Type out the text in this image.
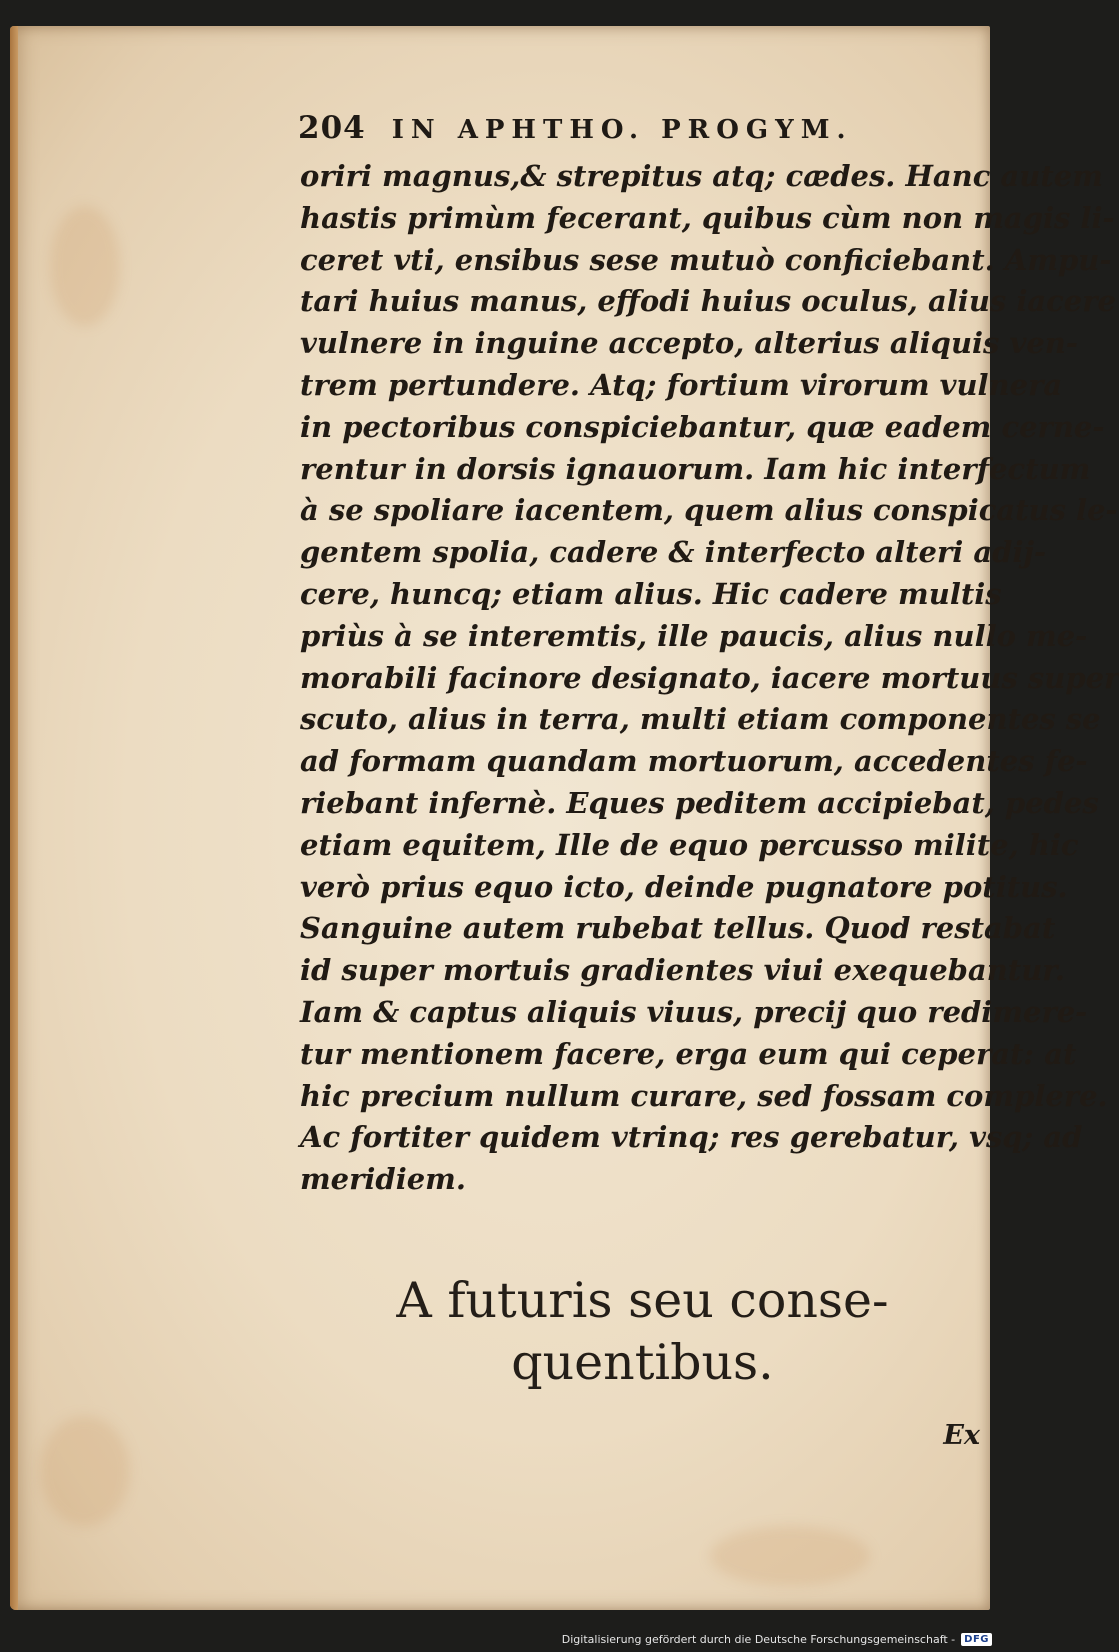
204 IN APHTHO. PROGYM.
oriri magnus,& strepitus atq; cædes. Hanc autem
hastis primùm fecerant, quibus cùm non magis li-
ceret vti, ensibus sese mutuò conficiebant. Ampu-
tari huius manus, effodi huius oculus, alius iacere
vulnere in inguine accepto, alterius aliquis ven-
trem pertundere. Atq; fortium virorum vulnera
in pectoribus conspiciebantur, quæ eadem cerne-
rentur in dorsis ignauorum. Iam hic interfectum
à se spoliare iacentem, quem alius conspicatus le-
gentem spolia, cadere & interfecto alteri adij-
cere, huncq; etiam alius. Hic cadere multis
priùs à se interemtis, ille paucis, alius nullo me-
morabili facinore designato, iacere mortuus super
scuto, alius in terra, multi etiam componentes se
ad formam quandam mortuorum, accedentes fe-
riebant infernè. Eques peditem accipiebat, pedes
etiam equitem, Ille de equo percusso milite, hic
verò prius equo icto, deinde pugnatore potitus.
Sanguine autem rubebat tellus. Quod restabat
id super mortuis gradientes viui exequebantur.
Iam & captus aliquis viuus, precij quo redimere-
tur mentionem facere, erga eum qui ceperat: at
hic precium nullum curare, sed fossam complere.
Ac fortiter quidem vtrinq; res gerebatur, vsq; ad
meridiem.
A futuris seu consе-
quentibus.
Ex
Digitalisierung gefördert durch die Deutsche Forschungsgemeinschaft - DFG
